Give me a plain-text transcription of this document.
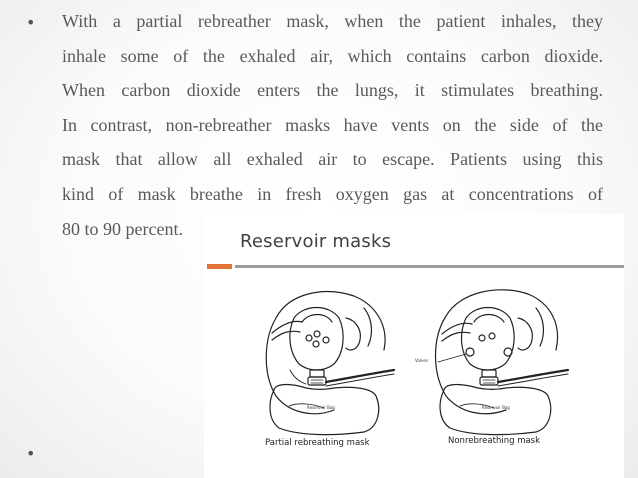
•
•
With a partial rebreather mask, when the patient inhales, they
inhale some of the exhaled air, which contains carbon dioxide.
When carbon dioxide enters the lungs, it stimulates breathing.
In contrast, non-rebreather masks have vents on the side of the
mask that allow all exhaled air to escape. Patients using this
kind of mask breathe in fresh oxygen gas at concentrations of
80 to 90 percent.
Reservoir masks
Reservoir Bag
Valves
Reservoir Bag
Partial rebreathing mask	Nonrebreathing mask
